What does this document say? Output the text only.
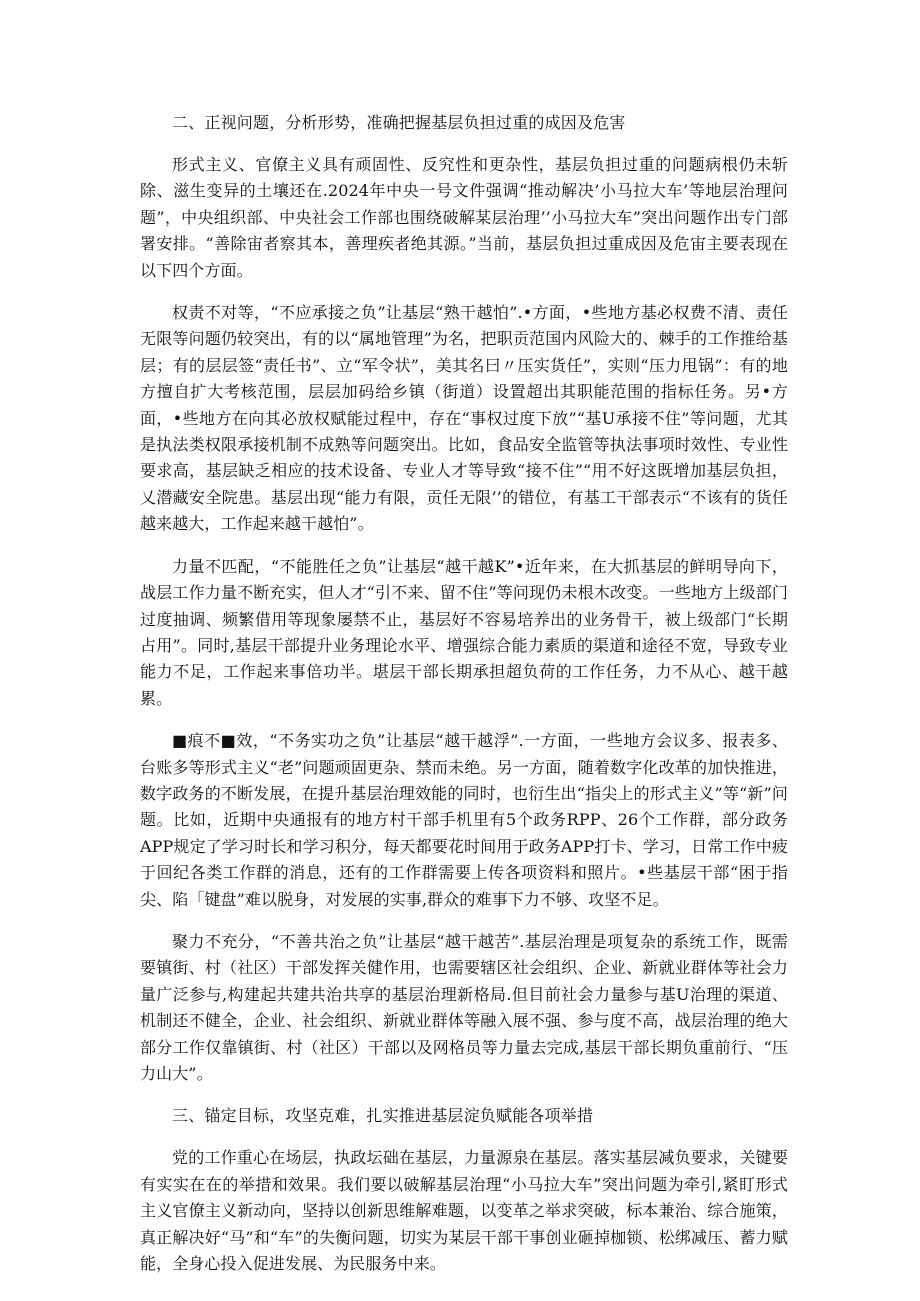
二、正视问题，分析形势，准确把握基层负担过重的成因及危害

形式主义、官僚主义具有顽固性、反究性和更杂性，基层负担过重的问题病根仍未斩除、滋生变异的土壤还在.2024年中央一号文件强调“推动解决’小马拉大车’等地层治理问题”，中央组织部、中央社会工作部也围绕破解某层治理’’小马拉大车”突出问题作出专门部署安排。“善除宙者察其本，善理疾者绝其源。”当前，基层负担过重成因及危宙主要表现在以下四个方面。

权责不对等，“不应承接之负”让基层“熟干越怕”.•方面，•些地方基必权费不清、责任无限等问题仍较突出，有的以“属地管理”为名，把职贡范国内风险大的、棘手的工作推给基层；有的层层签“责任书”、立“军令状”，美其名曰〃压实货任”，实则“压力甩锅”：有的地方擅自扩大考核范围，层层加码给乡镇（街道）设置超出其职能范围的指标任务。另•方面，•些地方在向其必放权赋能过程中，存在“事权过度下放”“基U承接不住”等问题，尤其是执法类权限承接机制不成熟等问题突出。比如，食品安全监管等执法事项时效性、专业性要求高，基层缺乏相应的技术设备、专业人才等导致“接不住”“用不好这既增加基层负担，乂潜藏安全院患。基层出现“能力有限，贡任无限’’的错位，有基工干部表示“不该有的货任越来越大，工作起来越干越怕”。

力量不匹配，“不能胜任之负”让基层“越干越K”•近年来，在大抓基层的鲜明导向下，战层工作力量不断充实，但人才“引不来、留不住”等问现仍未根木改变。一些地方上级部门过度抽调、频繁借用等现象屡禁不止，基层好不容易培养出的业务骨干，被上级部门“长期占用”。同时,基层干部提升业务理论水平、增强综合能力素质的渠道和途径不宽，导致专业能力不足，工作起来事倍功半。堪层干部长期承担超负荷的工作任务，力不从心、越干越累。

■痕不■效，“不务实功之负”让基层“越干越浮”.一方面，一些地方会议多、报表多、台账多等形式主义“老”问题顽固更杂、禁而未绝。另一方面，随着数字化改革的加快推进，数字政务的不断发展，在提升基层治理效能的同时，也衍生出“指尖上的形式主义”等“新”问题。比如，近期中央通报有的地方村干部手机里有5个政务RPP、26个工作群，部分政务APP规定了学习时长和学习积分，每天都要花时间用于政务APP打卡、学习，日常工作中疲于回纪各类工作群的消息，还有的工作群需要上传各项资料和照片。•些基层干部“困于指尖、陷「键盘”难以脱身，对发展的实事,群众的难事下力不够、攻坚不足。

聚力不充分，“不善共治之负”让基层“越干越苦”.基层治理是项复杂的系统工作，既需要镇街、村（社区）干部发挥关健作用，也需要辖区社会组织、企业、新就业群体等社会力量广泛参与,构建起共建共治共享的基层治理新格局.但目前社会力量参与基U治理的渠道、机制还不健全，企业、社会组织、新就业群体等融入展不强、参与度不高，战层治理的绝大部分工作仅靠镇街、村（社区）干部以及网格员等力量去完成,基层干部长期负重前行、“压力山大”。

三、锚定目标，攻坚克难，扎实推进基层淀负赋能各项举措

党的工作重心在场层，执政坛础在基层，力量源泉在基层。落实基层减负要求，关键要有实实在在的举措和效果。我们要以破解基层治理“小马拉大车”突出问题为牵引,紧盯形式主义官僚主义新动向，坚持以创新思维解难题，以变革之举求突破，标本兼治、综合施策，真正解决好“马”和“车”的失衡问题，切实为某层干部干事创业砸掉枷锁、松绑减压、蓄力赋能，全身心投入促进发展、为民服务中来。
